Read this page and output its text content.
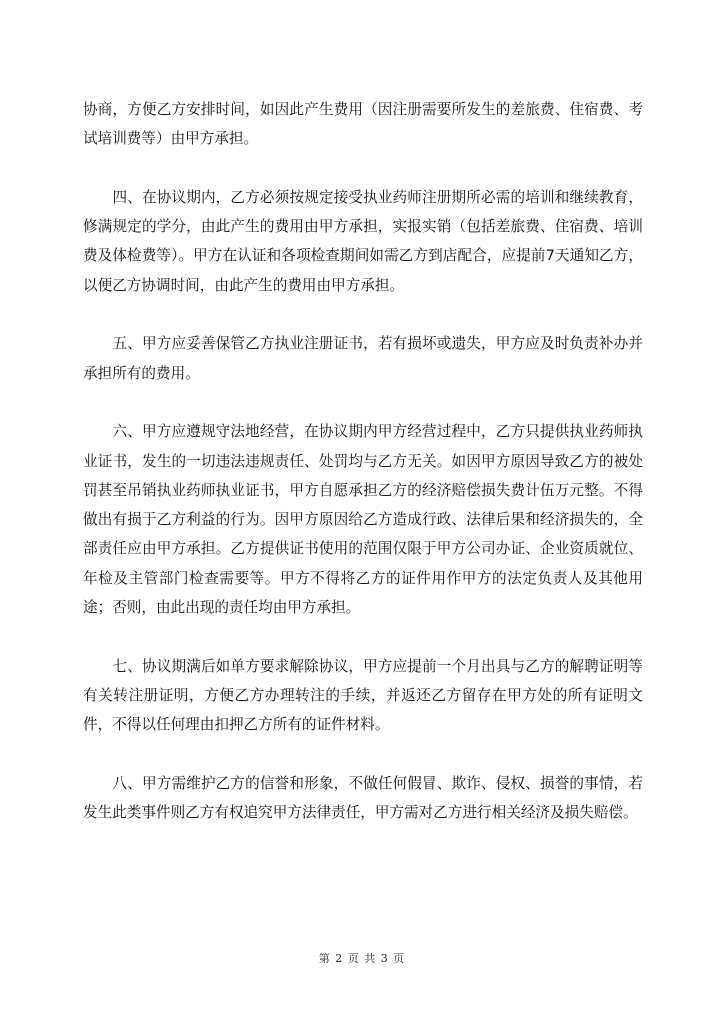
协商，方便乙方安排时间，如因此产生费用（因注册需要所发生的差旅费、住宿费、考试培训费等）由甲方承担。

四、在协议期内，乙方必须按规定接受执业药师注册期所必需的培训和继续教育，修满规定的学分，由此产生的费用由甲方承担，实报实销（包括差旅费、住宿费、培训费及体检费等）。甲方在认证和各项检查期间如需乙方到店配合，应提前7天通知乙方，以便乙方协调时间，由此产生的费用由甲方承担。

五、甲方应妥善保管乙方执业注册证书，若有损坏或遗失，甲方应及时负责补办并承担所有的费用。

六、甲方应遵规守法地经营，在协议期内甲方经营过程中，乙方只提供执业药师执业证书，发生的一切违法违规责任、处罚均与乙方无关。如因甲方原因导致乙方的被处罚甚至吊销执业药师执业证书，甲方自愿承担乙方的经济赔偿损失费计伍万元整。不得做出有损于乙方利益的行为。因甲方原因给乙方造成行政、法律后果和经济损失的，全部责任应由甲方承担。乙方提供证书使用的范围仅限于甲方公司办证、企业资质就位、年检及主管部门检查需要等。甲方不得将乙方的证件用作甲方的法定负责人及其他用途；否则，由此出现的责任均由甲方承担。

七、协议期满后如单方要求解除协议，甲方应提前一个月出具与乙方的解聘证明等有关转注册证明，方便乙方办理转注的手续，并返还乙方留存在甲方处的所有证明文件，不得以任何理由扣押乙方所有的证件材料。

八、甲方需维护乙方的信誉和形象，不做任何假冒、欺诈、侵权、损誉的事情，若发生此类事件则乙方有权追究甲方法律责任，甲方需对乙方进行相关经济及损失赔偿。

第 2 页 共 3 页
